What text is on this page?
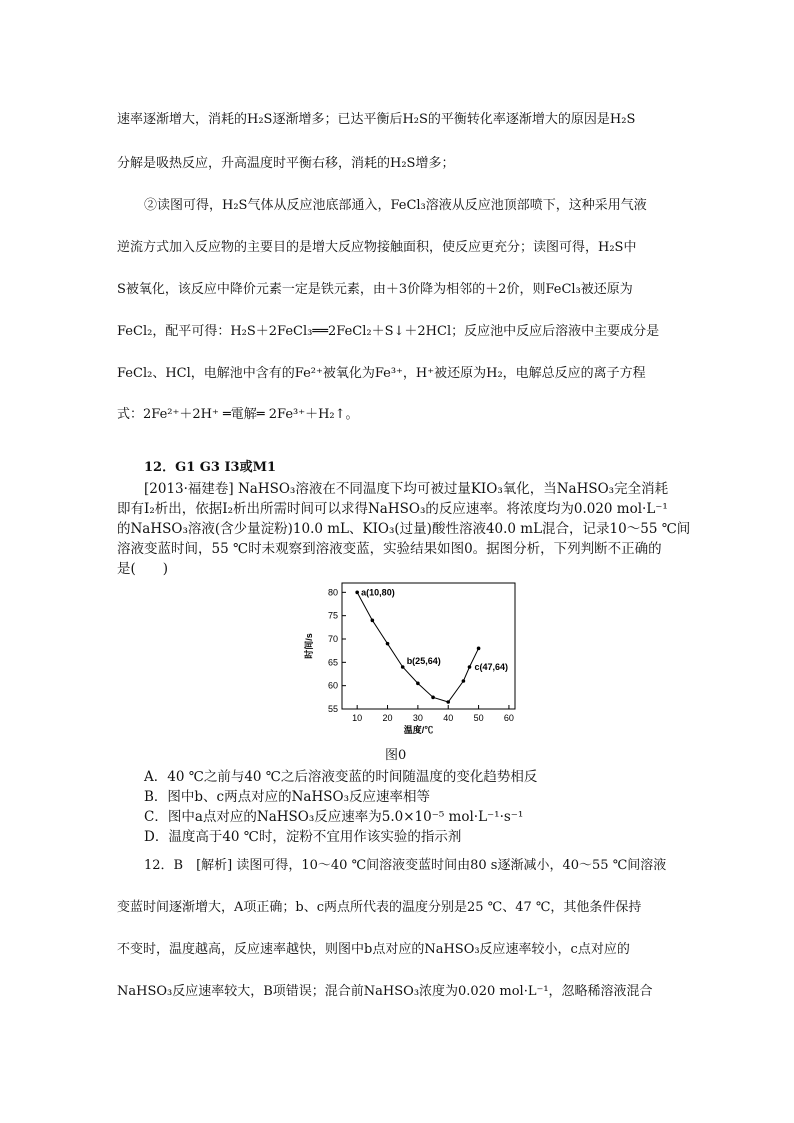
速率逐渐增大，消耗的H₂S逐渐增多；已达平衡后H₂S的平衡转化率逐渐增大的原因是H₂S
分解是吸热反应，升高温度时平衡右移，消耗的H₂S增多；
②读图可得，H₂S气体从反应池底部通入，FeCl₃溶液从反应池顶部喷下，这种采用气液
逆流方式加入反应物的主要目的是增大反应物接触面积，使反应更充分；读图可得，H₂S中
S被氧化，该反应中降价元素一定是铁元素，由＋3价降为相邻的＋2价，则FeCl₃被还原为
FeCl₂，配平可得：H₂S＋2FeCl₃══2FeCl₂＋S↓＋2HCl；反应池中反应后溶液中主要成分是
FeCl₂、HCl，电解池中含有的Fe²⁺被氧化为Fe³⁺，H⁺被还原为H₂，电解总反应的离子方程
式：2Fe²⁺＋2H⁺ ═電解═ 2Fe³⁺＋H₂↑。
12．G1 G3 I3或M1
[2013·福建卷] NaHSO₃溶液在不同温度下均可被过量KIO₃氧化，当NaHSO₃完全消耗
即有I₂析出，依据I₂析出所需时间可以求得NaHSO₃的反应速率。将浓度均为0.020 mol·L⁻¹
的NaHSO₃溶液(含少量淀粉)10.0 mL、KIO₃(过量)酸性溶液40.0 mL混合，记录10～55 ℃间
溶液变蓝时间，55 ℃时未观察到溶液变蓝，实验结果如图0。据图分析，下列判断不正确的
是(　　)
10 20 30 40 50 60
55
60
65
70
75
80
温度/℃
时间/s
a(10,80)
b(25,64)
c(47,64)
图0
A．40 ℃之前与40 ℃之后溶液变蓝的时间随温度的变化趋势相反
B．图中b、c两点对应的NaHSO₃反应速率相等
C．图中a点对应的NaHSO₃反应速率为5.0×10⁻⁵ mol·L⁻¹·s⁻¹
D．温度高于40 ℃时，淀粉不宜用作该实验的指示剂
12．B　[解析] 读图可得，10～40 ℃间溶液变蓝时间由80 s逐渐减小，40～55 ℃间溶液
变蓝时间逐渐增大，A项正确；b、c两点所代表的温度分别是25 ℃、47 ℃，其他条件保持
不变时，温度越高，反应速率越快，则图中b点对应的NaHSO₃反应速率较小，c点对应的
NaHSO₃反应速率较大，B项错误；混合前NaHSO₃浓度为0.020 mol·L⁻¹，忽略稀溶液混合
